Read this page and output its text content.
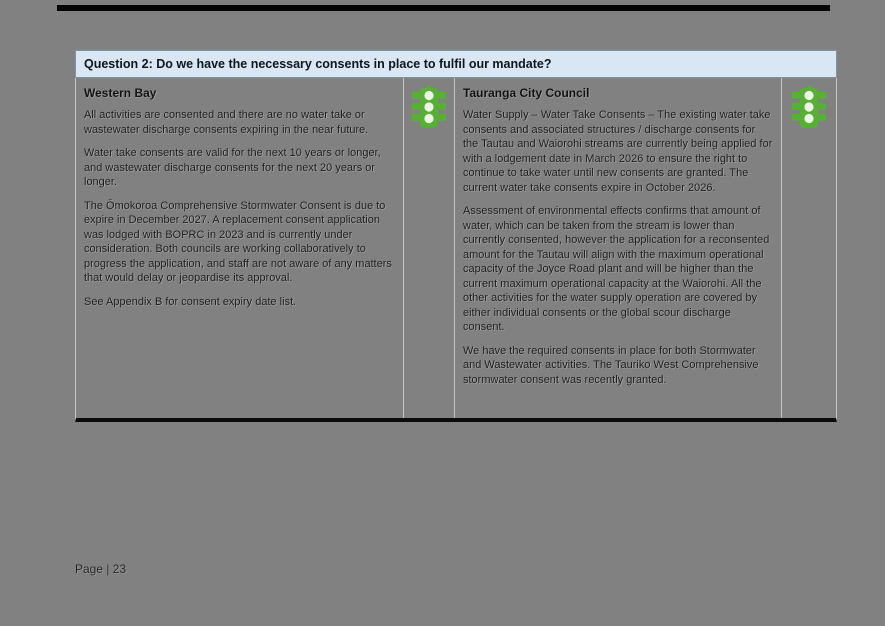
Question 2: Do we have the necessary consents in place to fulfil our mandate?
Western Bay

All activities are consented and there are no water take or wastewater discharge consents expiring in the near future.

Water take consents are valid for the next 10 years or longer, and wastewater discharge consents for the next 20 years or longer.

The Ōmokoroa Comprehensive Stormwater Consent is due to expire in December 2027. A replacement consent application was lodged with BOPRC in 2023 and is currently under consideration. Both councils are working collaboratively to progress the application, and staff are not aware of any matters that would delay or jeopardise its approval.

See Appendix B for consent expiry date list.

Tauranga City Council

Water Supply – Water Take Consents – The existing water take consents and associated structures / discharge consents for the Tautau and Waiorohi streams are currently being applied for with a lodgement date in March 2026 to ensure the right to continue to take water until new consents are granted. The current water take consents expire in October 2026.

Assessment of environmental effects confirms that amount of water, which can be taken from the stream is lower than currently consented, however the application for a reconsented amount for the Tautau will align with the maximum operational capacity of the Joyce Road plant and will be higher than the current maximum operational capacity at the Waiorohi. All the other activities for the water supply operation are covered by either individual consents or the global scour discharge consent.

We have the required consents in place for both Stormwater and Wastewater activities. The Tauriko West Comprehensive stormwater consent was recently granted.

Page | 23
